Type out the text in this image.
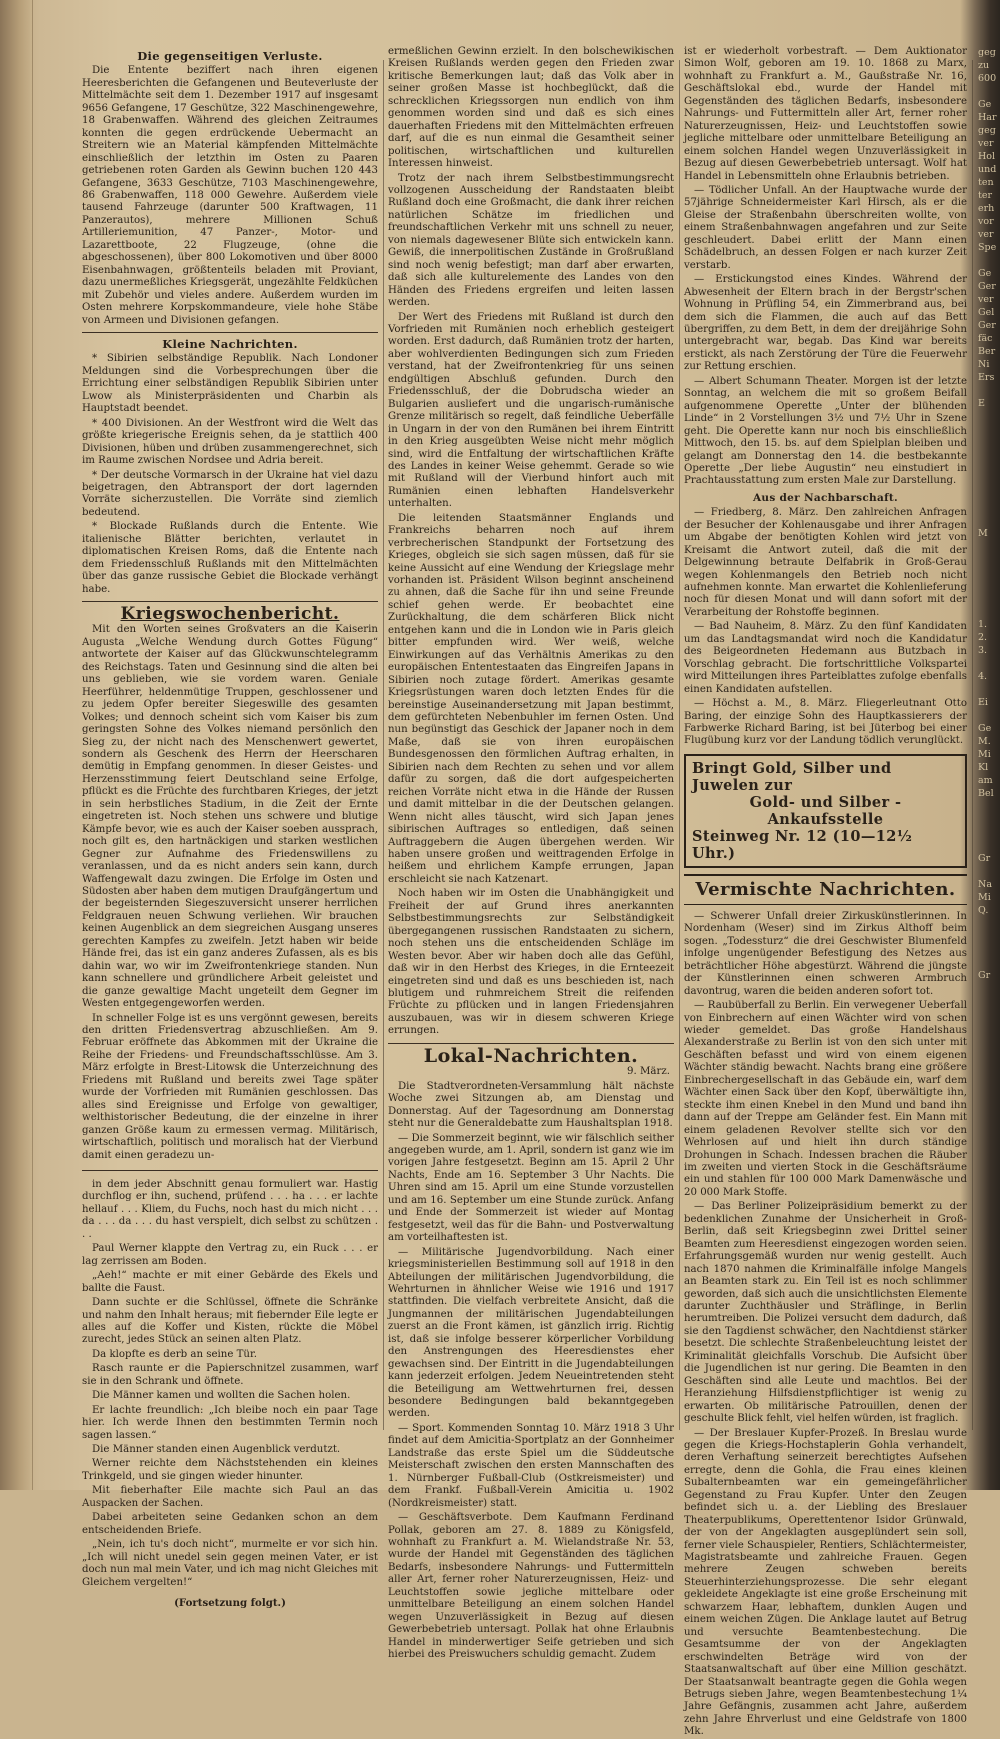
Die gegenseitigen Verluste.

Die Entente beziffert nach ihren eigenen Heeresberichten die Gefangenen und Beuteverluste der Mittelmächte seit dem 1. Dezember 1917 auf insgesamt 9656 Gefangene, 17 Geschütze, 322 Maschinengewehre, 18 Grabenwaffen. Während des gleichen Zeitraumes konnten die gegen erdrückende Uebermacht an Streitern wie an Material kämpfenden Mittelmächte einschließlich der letzthin im Osten zu Paaren getriebenen roten Garden als Gewinn buchen 120 443 Gefangene, 3633 Geschütze, 7103 Maschinengewehre, 86 Grabenwaffen, 118 000 Gewehre. Außerdem viele tausend Fahrzeuge (darunter 500 Kraftwagen, 11 Panzerautos), mehrere Millionen Schuß Artilleriemunition, 47 Panzer-, Motor- und Lazarettboote, 22 Flugzeuge, (ohne die abgeschossenen), über 800 Lokomotiven und über 8000 Eisenbahnwagen, größtenteils beladen mit Proviant, dazu unermeßliches Kriegsgerät, ungezählte Feldküchen mit Zubehör und vieles andere. Außerdem wurden im Osten mehrere Korpskommandeure, viele hohe Stäbe von Armeen und Divisionen gefangen.

Kleine Nachrichten.

* Sibirien selbständige Republik. Nach Londoner Meldungen sind die Vorbesprechungen über die Errichtung einer selbständigen Republik Sibirien unter Lwow als Ministerpräsidenten und Charbin als Hauptstadt beendet.

* 400 Divisionen. An der Westfront wird die Welt das größte kriegerische Ereignis sehen, da je stattlich 400 Divisionen, hüben und drüben zusammengerechnet, sich im Raume zwischen Nordsee und Adria bereit.

* Der deutsche Vormarsch in der Ukraine hat viel dazu beigetragen, den Abtransport der dort lagernden Vorräte sicherzustellen. Die Vorräte sind ziemlich bedeutend.

* Blockade Rußlands durch die Entente. Wie italienische Blätter berichten, verlautet in diplomatischen Kreisen Roms, daß die Entente nach dem Friedensschluß Rußlands mit den Mittelmächten über das ganze russische Gebiet die Blockade verhängt habe.

Kriegswochenbericht.

Mit den Worten seines Großvaters an die Kaiserin Augusta „Welche Wendung durch Gottes Fügung“ antwortete der Kaiser auf das Glückwunschtelegramm des Reichstags. Taten und Gesinnung sind die alten bei uns geblieben, wie sie vordem waren. Geniale Heerführer, heldenmütige Truppen, geschlossener und zu jedem Opfer bereiter Siegeswille des gesamten Volkes; und dennoch scheint sich vom Kaiser bis zum geringsten Sohne des Volkes niemand persönlich den Sieg zu, der nicht nach des Menschenwert gewertet, sondern als Geschenk des Herrn der Heerscharen demütig in Empfang genommen. In dieser Geistes- und Herzensstimmung feiert Deutschland seine Erfolge, pflückt es die Früchte des furchtbaren Krieges, der jetzt in sein herbstliches Stadium, in die Zeit der Ernte eingetreten ist. Noch stehen uns schwere und blutige Kämpfe bevor, wie es auch der Kaiser soeben aussprach, noch gilt es, den hartnäckigen und starken westlichen Gegner zur Aufnahme des Friedenswillens zu veranlassen, und da es nicht anders sein kann, durch Waffengewalt dazu zwingen. Die Erfolge im Osten und Südosten aber haben dem mutigen Draufgängertum und der begeisternden Siegeszuversicht unserer herrlichen Feldgrauen neuen Schwung verliehen. Wir brauchen keinen Augenblick an dem siegreichen Ausgang unseres gerechten Kampfes zu zweifeln. Jetzt haben wir beide Hände frei, das ist ein ganz anderes Zufassen, als es bis dahin war, wo wir im Zweifrontenkriege standen. Nun kann schnellere und gründlichere Arbeit geleistet und die ganze gewaltige Macht ungeteilt dem Gegner im Westen entgegengeworfen werden.

In schneller Folge ist es uns vergönnt gewesen, bereits den dritten Friedensvertrag abzuschließen. Am 9. Februar eröffnete das Abkommen mit der Ukraine die Reihe der Friedens- und Freundschaftsschlüsse. Am 3. März erfolgte in Brest-Litowsk die Unterzeichnung des Friedens mit Rußland und bereits zwei Tage später wurde der Vorfrieden mit Rumänien geschlossen. Das alles sind Ereignisse und Erfolge von gewaltiger, welthistorischer Bedeutung, die der einzelne in ihrer ganzen Größe kaum zu ermessen vermag. Militärisch, wirtschaftlich, politisch und moralisch hat der Vierbund damit einen geradezu un-

in dem jeder Abschnitt genau formuliert war. Hastig durchflog er ihn, suchend, prüfend . . . ha . . . er lachte hellauf . . . Kliem, du Fuchs, noch hast du mich nicht . . . da . . . da . . . du hast verspielt, dich selbst zu schützen . . .

Paul Werner klappte den Vertrag zu, ein Ruck . . . er lag zerrissen am Boden.

„Aeh!“ machte er mit einer Gebärde des Ekels und ballte die Faust.

Dann suchte er die Schlüssel, öffnete die Schränke und nahm den Inhalt heraus; mit fiebernder Eile legte er alles auf die Koffer und Kisten, rückte die Möbel zurecht, jedes Stück an seinen alten Platz.

Da klopfte es derb an seine Tür.

Rasch raunte er die Papierschnitzel zusammen, warf sie in den Schrank und öffnete.

Die Männer kamen und wollten die Sachen holen.

Er lachte freundlich: „Ich bleibe noch ein paar Tage hier. Ich werde Ihnen den bestimmten Termin noch sagen lassen.“

Die Männer standen einen Augenblick verdutzt.

Werner reichte dem Nächststehenden ein kleines Trinkgeld, und sie gingen wieder hinunter.

Mit fieberhafter Eile machte sich Paul an das Auspacken der Sachen.

Dabei arbeiteten seine Gedanken schon an dem entscheidenden Briefe.

„Nein, ich tu's doch nicht“, murmelte er vor sich hin. „Ich will nicht unedel sein gegen meinen Vater, er ist doch nun mal mein Vater, und ich mag nicht Gleiches mit Gleichem vergelten!“

(Fortsetzung folgt.)

ermeßlichen Gewinn erzielt. In den bolschewikischen Kreisen Rußlands werden gegen den Frieden zwar kritische Bemerkungen laut; daß das Volk aber in seiner großen Masse ist hochbeglückt, daß die schrecklichen Kriegssorgen nun endlich von ihm genommen worden sind und daß es sich eines dauerhaften Friedens mit den Mittelmächten erfreuen darf, auf die es nun einmal die Gesamtheit seiner politischen, wirtschaftlichen und kulturellen Interessen hinweist.

Trotz der nach ihrem Selbstbestimmungsrecht vollzogenen Ausscheidung der Randstaaten bleibt Rußland doch eine Großmacht, die dank ihrer reichen natürlichen Schätze im friedlichen und freundschaftlichen Verkehr mit uns schnell zu neuer, von niemals dagewesener Blüte sich entwickeln kann. Gewiß, die innerpolitischen Zustände in Großrußland sind noch wenig befestigt; man darf aber erwarten, daß sich alle kulturelemente des Landes von den Händen des Friedens ergreifen und leiten lassen werden.

Der Wert des Friedens mit Rußland ist durch den Vorfrieden mit Rumänien noch erheblich gesteigert worden. Erst dadurch, daß Rumänien trotz der harten, aber wohlverdienten Bedingungen sich zum Frieden verstand, hat der Zweifrontenkrieg für uns seinen endgültigen Abschluß gefunden. Durch den Friedensschluß, der die Dobrudscha wieder an Bulgarien ausliefert und die ungarisch-rumänische Grenze militärisch so regelt, daß feindliche Ueberfälle in Ungarn in der von den Rumänen bei ihrem Eintritt in den Krieg ausgeübten Weise nicht mehr möglich sind, wird die Entfaltung der wirtschaftlichen Kräfte des Landes in keiner Weise gehemmt. Gerade so wie mit Rußland will der Vierbund hinfort auch mit Rumänien einen lebhaften Handelsverkehr unterhalten.

Die leitenden Staatsmänner Englands und Frankreichs beharren noch auf ihrem verbrecherischen Standpunkt der Fortsetzung des Krieges, obgleich sie sich sagen müssen, daß für sie keine Aussicht auf eine Wendung der Kriegslage mehr vorhanden ist. Präsident Wilson beginnt anscheinend zu ahnen, daß die Sache für ihn und seine Freunde schief gehen werde. Er beobachtet eine Zurückhaltung, die dem schärferen Blick nicht entgehen kann und die in London wie in Paris gleich bitter empfunden wird. Wer weiß, welche Einwirkungen auf das Verhältnis Amerikas zu den europäischen Ententestaaten das Eingreifen Japans in Sibirien noch zutage fördert. Amerikas gesamte Kriegsrüstungen waren doch letzten Endes für die bereinstige Auseinandersetzung mit Japan bestimmt, dem gefürchteten Nebenbuhler im fernen Osten. Und nun begünstigt das Geschick der Japaner noch in dem Maße, daß sie von ihren europäischen Bundesgenossen den förmlichen Auftrag erhalten, in Sibirien nach dem Rechten zu sehen und vor allem dafür zu sorgen, daß die dort aufgespeicherten reichen Vorräte nicht etwa in die Hände der Russen und damit mittelbar in die der Deutschen gelangen. Wenn nicht alles täuscht, wird sich Japan jenes sibirischen Auftrages so entledigen, daß seinen Auftraggebern die Augen übergehen werden. Wir haben unsere großen und weittragenden Erfolge in heißem und ehrlichem Kampfe errungen, Japan erschleicht sie nach Katzenart.

Noch haben wir im Osten die Unabhängigkeit und Freiheit der auf Grund ihres anerkannten Selbstbestimmungsrechts zur Selbständigkeit übergegangenen russischen Randstaaten zu sichern, noch stehen uns die entscheidenden Schläge im Westen bevor. Aber wir haben doch alle das Gefühl, daß wir in den Herbst des Krieges, in die Ernteezeit eingetreten sind und daß es uns beschieden ist, nach blutigem und ruhmreichem Streit die reifenden Früchte zu pflücken und in langen Friedensjahren auszubauen, was wir in diesem schweren Kriege errungen.

Lokal-Nachrichten.

9. März.

Die Stadtverordneten-Versammlung hält nächste Woche zwei Sitzungen ab, am Dienstag und Donnerstag. Auf der Tagesordnung am Donnerstag steht nur die Generaldebatte zum Haushaltsplan 1918.

— Die Sommerzeit beginnt, wie wir fälschlich seither angegeben wurde, am 1. April, sondern ist ganz wie im vorigen Jahre festgesetzt. Beginn am 15. April 2 Uhr Nachts, Ende am 16. September 3 Uhr Nachts. Die Uhren sind am 15. April um eine Stunde vorzustellen und am 16. September um eine Stunde zurück. Anfang und Ende der Sommerzeit ist wieder auf Montag festgesetzt, weil das für die Bahn- und Postverwaltung am vorteilhaftesten ist.

— Militärische Jugendvorbildung. Nach einer kriegsministeriellen Bestimmung soll auf 1918 in den Abteilungen der militärischen Jugendvorbildung, die Wehrturnen in ähnlicher Weise wie 1916 und 1917 stattfinden. Die vielfach verbreitete Ansicht, daß die Jungmannen der militärischen Jugendabteilungen zuerst an die Front kämen, ist gänzlich irrig. Richtig ist, daß sie infolge besserer körperlicher Vorbildung den Anstrengungen des Heeresdienstes eher gewachsen sind. Der Eintritt in die Jugendabteilungen kann jederzeit erfolgen. Jedem Neueintretenden steht die Beteiligung am Wettwehrturnen frei, dessen besondere Bedingungen bald bekanntgegeben werden.

— Sport. Kommenden Sonntag 10. März 1918 3 Uhr findet auf dem Amicitia-Sportplatz an der Gonnheimer Landstraße das erste Spiel um die Süddeutsche Meisterschaft zwischen den ersten Mannschaften des 1. Nürnberger Fußball-Club (Ostkreismeister) und dem Frankf. Fußball-Verein Amicitia u. 1902 (Nordkreismeister) statt.

— Geschäftsverbote. Dem Kaufmann Ferdinand Pollak, geboren am 27. 8. 1889 zu Königsfeld, wohnhaft zu Frankfurt a. M. Wielandstraße Nr. 53, wurde der Handel mit Gegenständen des täglichen Bedarfs, insbesondere Nahrungs- und Futtermitteln aller Art, ferner roher Naturerzeugnissen, Heiz- und Leuchtstoffen sowie jegliche mittelbare oder unmittelbare Beteiligung an einem solchen Handel wegen Unzuverlässigkeit in Bezug auf diesen Gewerbebetrieb untersagt. Pollak hat ohne Erlaubnis Handel in minderwertiger Seife getrieben und sich hierbei des Preiswuchers schuldig gemacht. Zudem

ist er wiederholt vorbestraft. — Dem Auktionator Simon Wolf, geboren am 19. 10. 1868 zu Marx, wohnhaft zu Frankfurt a. M., Gaußstraße Nr. 16, Geschäftslokal ebd., wurde der Handel mit Gegenständen des täglichen Bedarfs, insbesondere Nahrungs- und Futtermitteln aller Art, ferner roher Naturerzeugnissen, Heiz- und Leuchtstoffen sowie jegliche mittelbare oder unmittelbare Beteiligung an einem solchen Handel wegen Unzuverlässigkeit in Bezug auf diesen Gewerbebetrieb untersagt. Wolf hat Handel in Lebensmitteln ohne Erlaubnis betrieben.

— Tödlicher Unfall. An der Hauptwache wurde der 57jährige Schneidermeister Karl Hirsch, als er die Gleise der Straßenbahn überschreiten wollte, von einem Straßenbahnwagen angefahren und zur Seite geschleudert. Dabei erlitt der Mann einen Schädelbruch, an dessen Folgen er nach kurzer Zeit verstarb.

— Erstickungstod eines Kindes. Während der Abwesenheit der Eltern brach in der Bergstr'schen Wohnung in Prüfling 54, ein Zimmerbrand aus, bei dem sich die Flammen, die auch auf das Bett übergriffen, zu dem Bett, in dem der dreijährige Sohn untergebracht war, begab. Das Kind war bereits erstickt, als nach Zerstörung der Türe die Feuerwehr zur Rettung erschien.

— Albert Schumann Theater. Morgen ist der letzte Sonntag, an welchem die mit so großem Beifall aufgenommene Operette „Unter der blühenden Linde“ in 2 Vorstellungen 3½ und 7½ Uhr in Szene geht. Die Operette kann nur noch bis einschließlich Mittwoch, den 15. bs. auf dem Spielplan bleiben und gelangt am Donnerstag den 14. die bestbekannte Operette „Der liebe Augustin“ neu einstudiert in Prachtausstattung zum ersten Male zur Darstellung.

Aus der Nachbarschaft.

— Friedberg, 8. März. Den zahlreichen Anfragen der Besucher der Kohlenausgabe und ihrer Anfragen um Abgabe der benötigten Kohlen wird jetzt von Kreisamt die Antwort zuteil, daß die mit der Delgewinnung betraute Delfabrik in Groß-Gerau wegen Kohlenmangels den Betrieb noch nicht aufnehmen konnte. Man erwartet die Kohlenlieferung noch für diesen Monat und will dann sofort mit der Verarbeitung der Rohstoffe beginnen.

— Bad Nauheim, 8. März. Zu den fünf Kandidaten um das Landtagsmandat wird noch die Kandidatur des Beigeordneten Hedemann aus Butzbach in Vorschlag gebracht. Die fortschrittliche Volkspartei wird Mitteilungen ihres Parteiblattes zufolge ebenfalls einen Kandidaten aufstellen.

— Höchst a. M., 8. März. Fliegerleutnant Otto Baring, der einzige Sohn des Hauptkassierers der Farbwerke Richard Baring, ist bei Jüterbog bei einer Flugübung kurz vor der Landung tödlich verunglückt.

Bringt Gold, Silber und Juwelen zur
Gold- und Silber - Ankaufsstelle
Steinweg Nr. 12 (10—12½ Uhr.)
Vermischte Nachrichten.

— Schwerer Unfall dreier Zirkuskünstlerinnen. In Nordenham (Weser) sind im Zirkus Althoff beim sogen. „Todessturz“ die drei Geschwister Blumenfeld infolge ungenügender Befestigung des Netzes aus beträchtlicher Höhe abgestürzt. Während die jüngste der Künstlerinnen einen schweren Armbruch davontrug, waren die beiden anderen sofort tot.

— Raubüberfall zu Berlin. Ein verwegener Ueberfall von Einbrechern auf einen Wächter wird von schen wieder gemeldet. Das große Handelshaus Alexanderstraße zu Berlin ist von den sich unter mit Geschäften befasst und wird von einem eigenen Wächter ständig bewacht. Nachts brang eine größere Einbrechergesellschaft in das Gebäude ein, warf dem Wächter einen Sack über den Kopf, überwältigte ihn, steckte ihm einen Knebel in den Mund und band ihn dann auf der Treppe am Geländer fest. Ein Mann mit einem geladenen Revolver stellte sich vor den Wehrlosen auf und hielt ihn durch ständige Drohungen in Schach. Indessen brachen die Räuber im zweiten und vierten Stock in die Geschäftsräume ein und stahlen für 100 000 Mark Damenwäsche und 20 000 Mark Stoffe.

— Das Berliner Polizeipräsidium bemerkt zu der bedenklichen Zunahme der Unsicherheit in Groß-Berlin, daß seit Kriegsbeginn zwei Drittel seiner Beamten zum Heeresdienst eingezogen worden seien. Erfahrungsgemäß wurden nur wenig gestellt. Auch nach 1870 nahmen die Kriminalfälle infolge Mangels an Beamten stark zu. Ein Teil ist es noch schlimmer geworden, daß sich auch die unsichtlichsten Elemente darunter Zuchthäusler und Sträflinge, in Berlin herumtreiben. Die Polizei versucht dem dadurch, daß sie den Tagdienst schwächer, den Nachtdienst stärker besetzt. Die schlechte Straßenbeleuchtung leistet der Kriminalität gleichfalls Vorschub. Die Aufsicht über die Jugendlichen ist nur gering. Die Beamten in den Geschäften sind alle Leute und machtlos. Bei der Heranziehung Hilfsdienstpflichtiger ist wenig zu erwarten. Ob militärische Patrouillen, denen der geschulte Blick fehlt, viel helfen würden, ist fraglich.

— Der Breslauer Kupfer-Prozeß. In Breslau wurde gegen die Kriegs-Hochstaplerin Gohla verhandelt, deren Verhaftung seinerzeit berechtigtes Aufsehen erregte, denn die Gohla, die Frau eines kleinen Subalternbeamten war ein gemeingefährlicher Gegenstand zu Frau Kupfer. Unter den Zeugen befindet sich u. a. der Liebling des Breslauer Theaterpublikums, Operettentenor Isidor Grünwald, der von der Angeklagten ausgeplündert sein soll, ferner viele Schauspieler, Rentiers, Schlächtermeister, Magistratsbeamte und zahlreiche Frauen. Gegen mehrere Zeugen schweben bereits Steuerhinterziehungsprozesse. Die sehr elegant gekleidete Angeklagte ist eine große Erscheinung mit schwarzem Haar, lebhaftem, dunklen Augen und einem weichen Zügen. Die Anklage lautet auf Betrug und versuchte Beamtenbestechung. Die Gesamtsumme der von der Angeklagten erschwindelten Beträge wird von der Staatsanwaltschaft auf über eine Million geschätzt. Der Staatsanwalt beantragte gegen die Gohla wegen Betrugs sieben Jahre, wegen Beamtenbestechung 1¼ Jahre Gefängnis, zusammen acht Jahre, außerdem zehn Jahre Ehrverlust und eine Geldstrafe von 1800 Mk.

geg
zu
600

Ge
Har
geg
ver
Hol
und
ten
ter
erh
vor
ver
Spe

Ge
Ger
ver
Gel
Ger
fäc
Ber
Ni
Ers

E

M

1.
2.
3.

4.

Ei

Ge
M.
Mi
Kl
am
Bel

Gr

Na
Mi
Q.

Gr
